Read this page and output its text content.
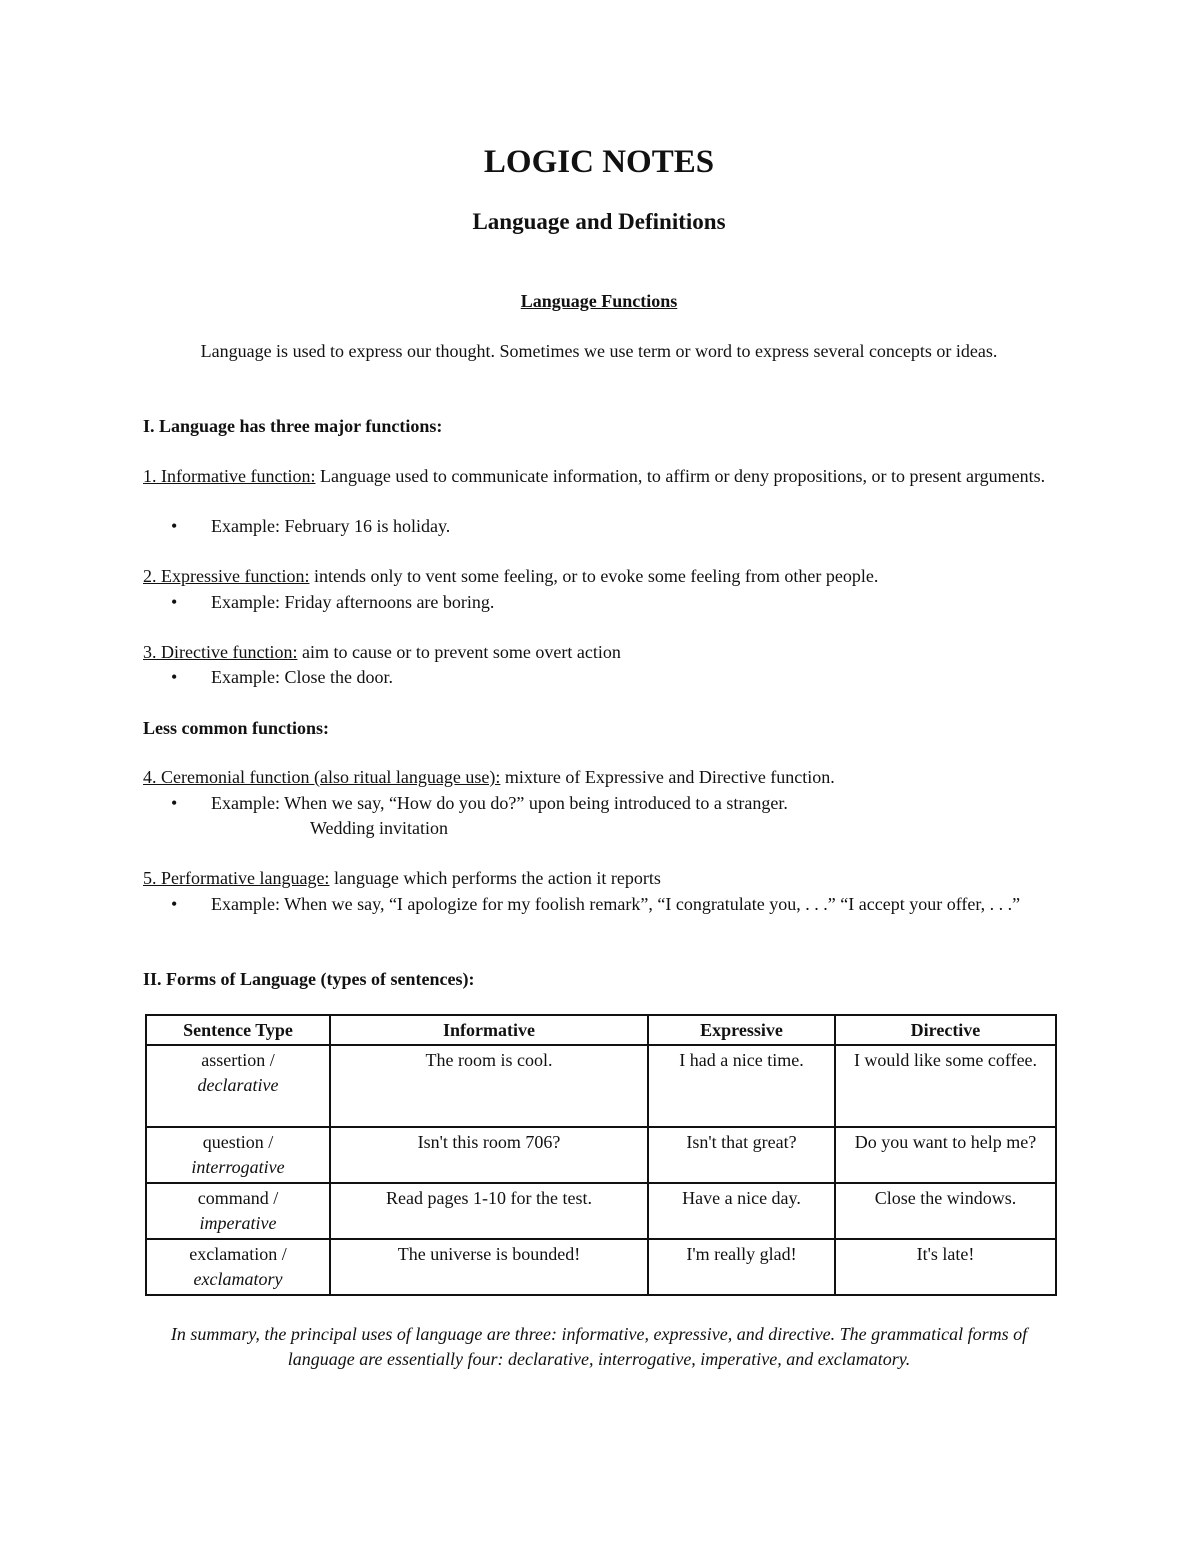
LOGIC NOTES
Language and Definitions

Language Functions

Language is used to express our thought. Sometimes we use term or word to express several concepts or ideas.

I. Language has three major functions:

1. Informative function: Language used to communicate information, to affirm or deny propositions, or to present arguments.

• Example: February 16 is holiday.

2. Expressive function: intends only to vent some feeling, or to evoke some feeling from other people.

• Example: Friday afternoons are boring.

3. Directive function: aim to cause or to prevent some overt action

• Example: Close the door.

Less common functions:

4. Ceremonial function (also ritual language use): mixture of Expressive and Directive function.

• Example: When we say, “How do you do?” upon being introduced to a stranger.
Wedding invitation

5. Performative language: language which performs the action it reports

• Example: When we say, “I apologize for my foolish remark”, “I congratulate you, . . .” “I accept your offer, . . .”

II. Forms of Language (types of sentences):

Sentence Type	Informative	Expressive	Directive
assertion /
declarative	The room is cool.	I had a nice time.	I would like some coffee.
question /
interrogative	Isn't this room 706?	Isn't that great?	Do you want to help me?
command /
imperative	Read pages 1-10 for the test.	Have a nice day.	Close the windows.
exclamation /
exclamatory	The universe is bounded!	I'm really glad!	It's late!

In summary, the principal uses of language are three: informative, expressive, and directive. The grammatical forms of language are essentially four: declarative, interrogative, imperative, and exclamatory.
